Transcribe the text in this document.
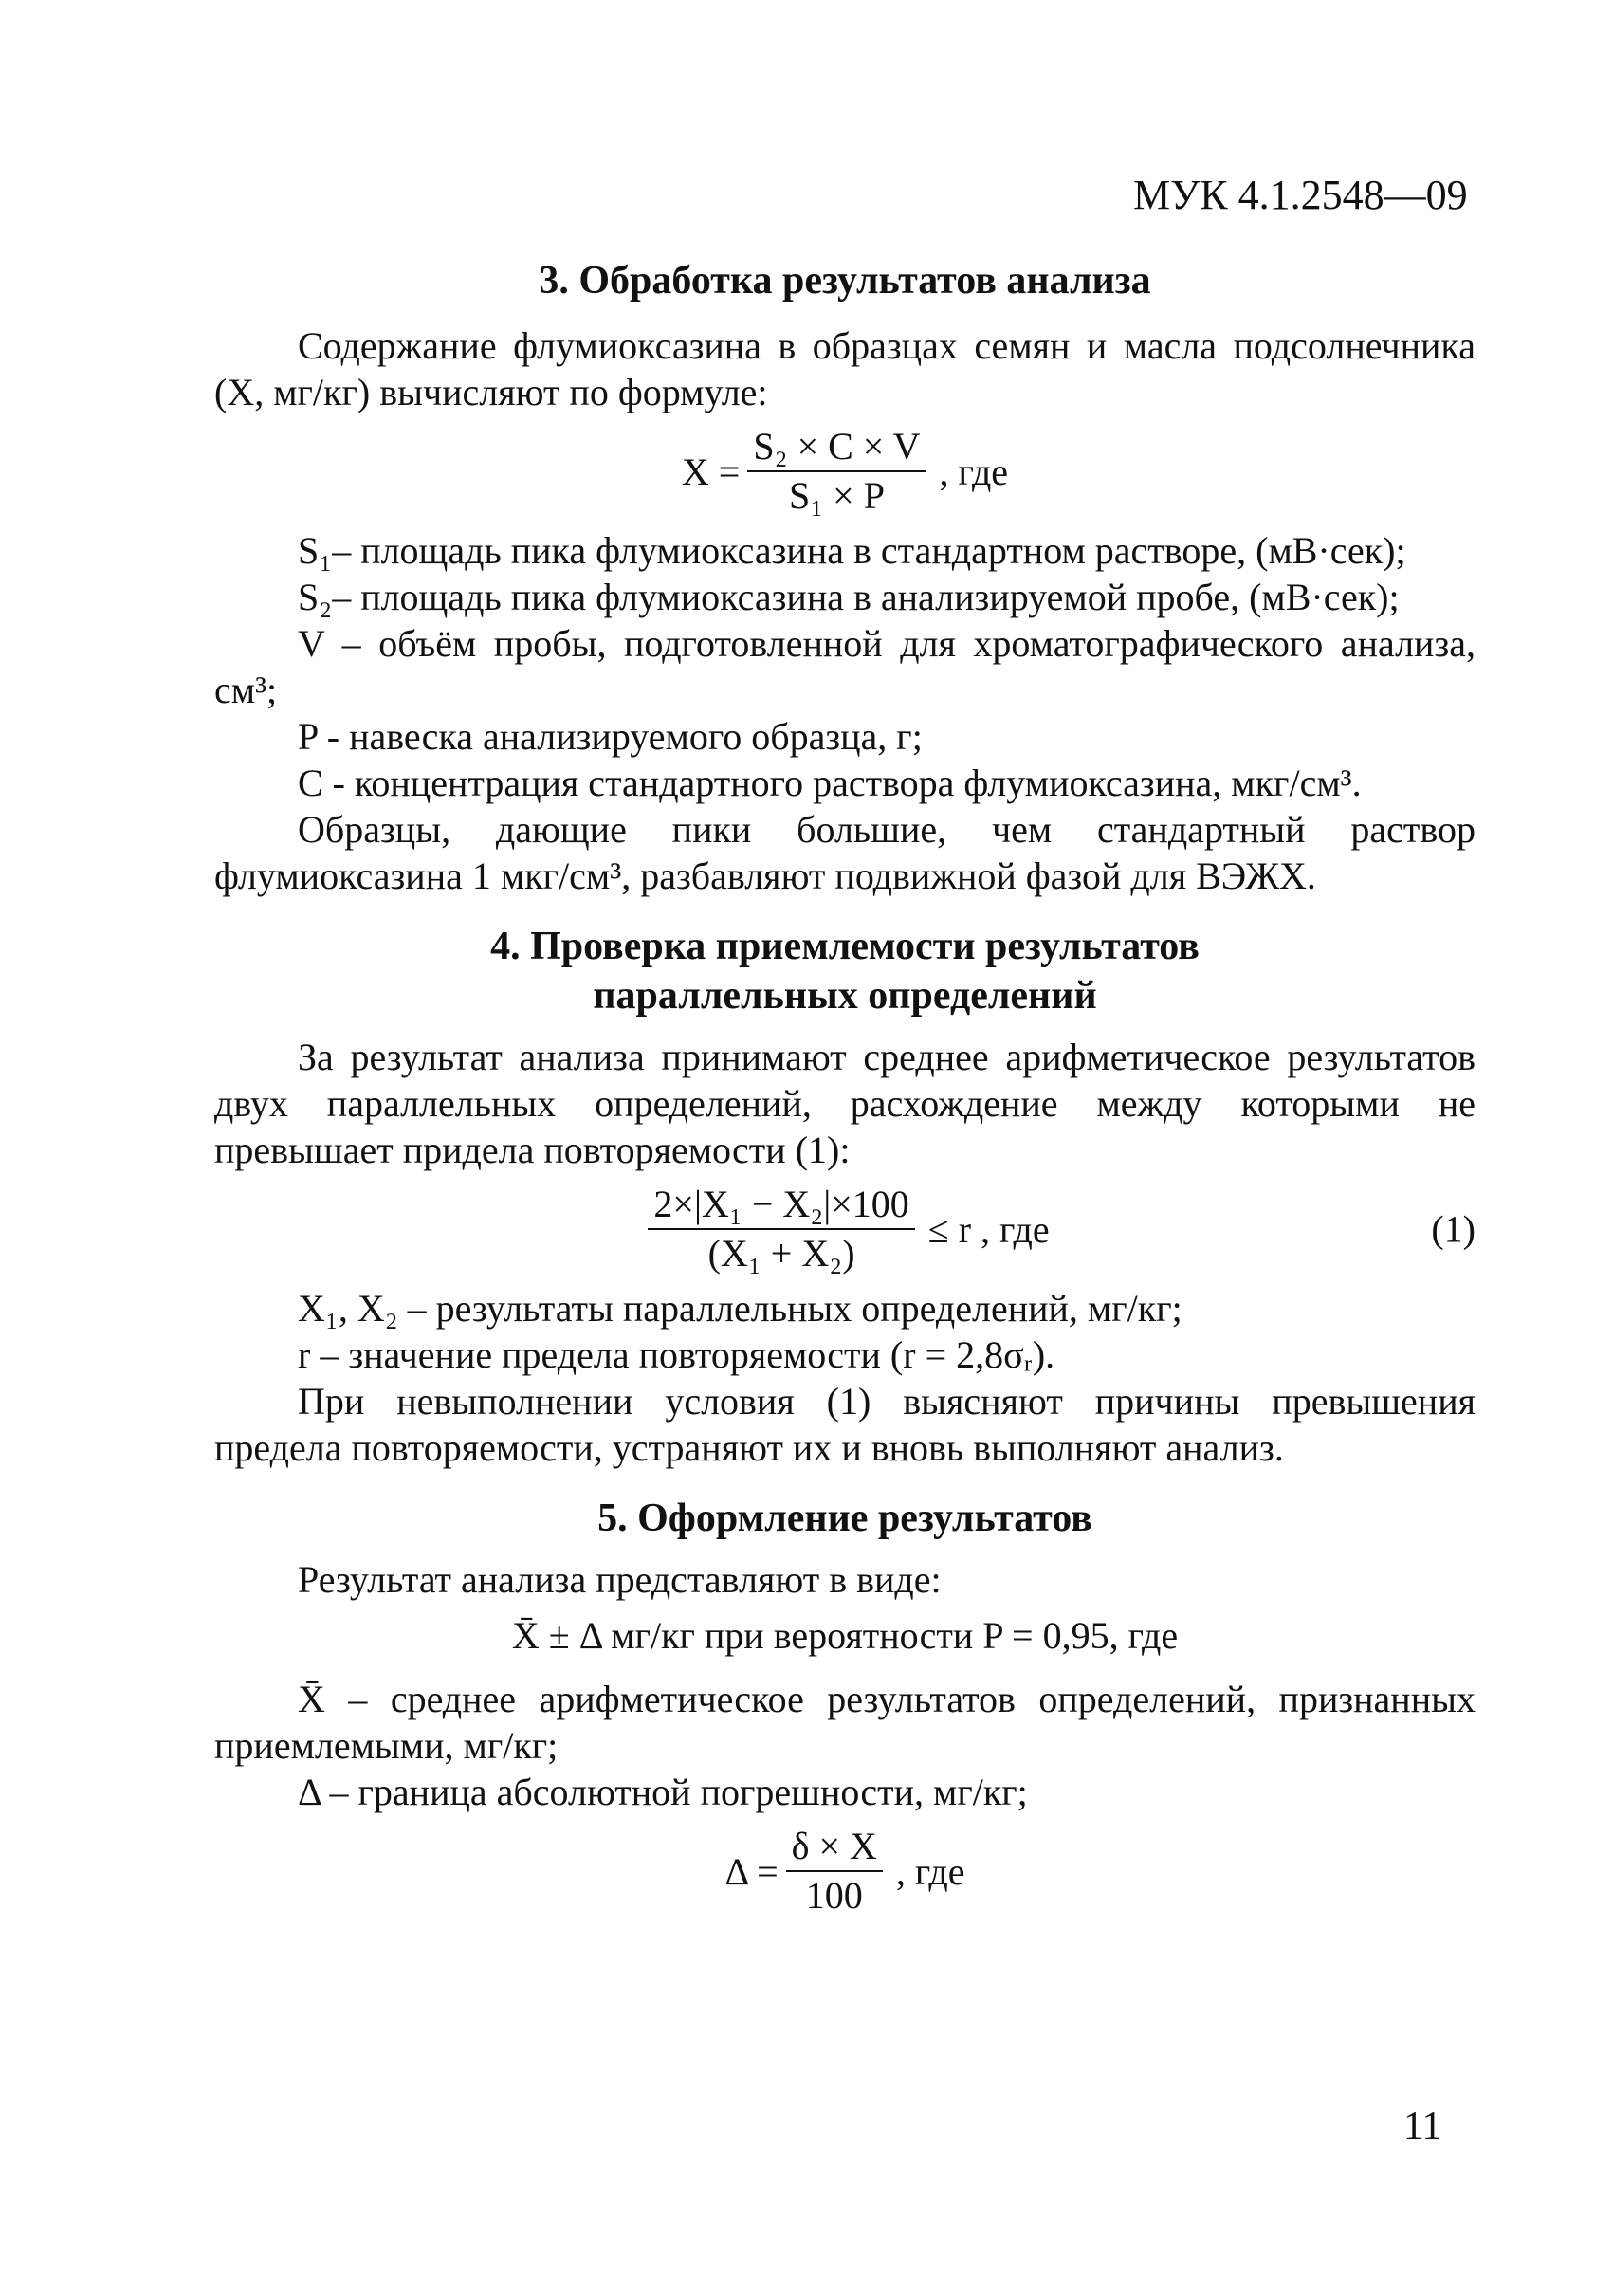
МУК 4.1.2548—09
3. Обработка результатов анализа

Содержание флумиоксазина в образцах семян и масла подсолнечника (X, мг/кг) вычисляют по формуле:

$X = \frac{\text{S₂ × C × V}}{\text{S₁ × P}}$ , где

S₁– площадь пика флумиоксазина в стандартном растворе, (мВ·сек);

S₂– площадь пика флумиоксазина в анализируемой пробе, (мВ·сек);

V – объём пробы, подготовленной для хроматографического анализа, см³;

P - навеска анализируемого образца, г;

C - концентрация стандартного раствора флумиоксазина, мкг/см³.

Образцы, дающие пики большие, чем стандартный раствор флумиоксазина 1 мкг/см³, разбавляют подвижной фазой для ВЭЖХ.

4. Проверка приемлемости результатов
параллельных определений

За результат анализа принимают среднее арифметическое результатов двух параллельных определений, расхождение между которыми не превышает придела повторяемости (1):

$\frac{\text{2×|X₁ − X₂|×100}}{\text{(X₁ + X₂)}} \le r$ , где	(1)

X₁, X₂ – результаты параллельных определений, мг/кг;

r – значение предела повторяемости (r = 2,8σᵣ).

При невыполнении условия (1) выясняют причины превышения предела повторяемости, устраняют их и вновь выполняют анализ.

5. Оформление результатов

Результат анализа представляют в виде:

X̄ ± Δ мг/кг при вероятности P = 0,95, где

X̄ – среднее арифметическое результатов определений, признанных приемлемыми, мг/кг;

Δ – граница абсолютной погрешности, мг/кг;

$\Delta = \frac{\delta \times X}{100}$ , где
11
